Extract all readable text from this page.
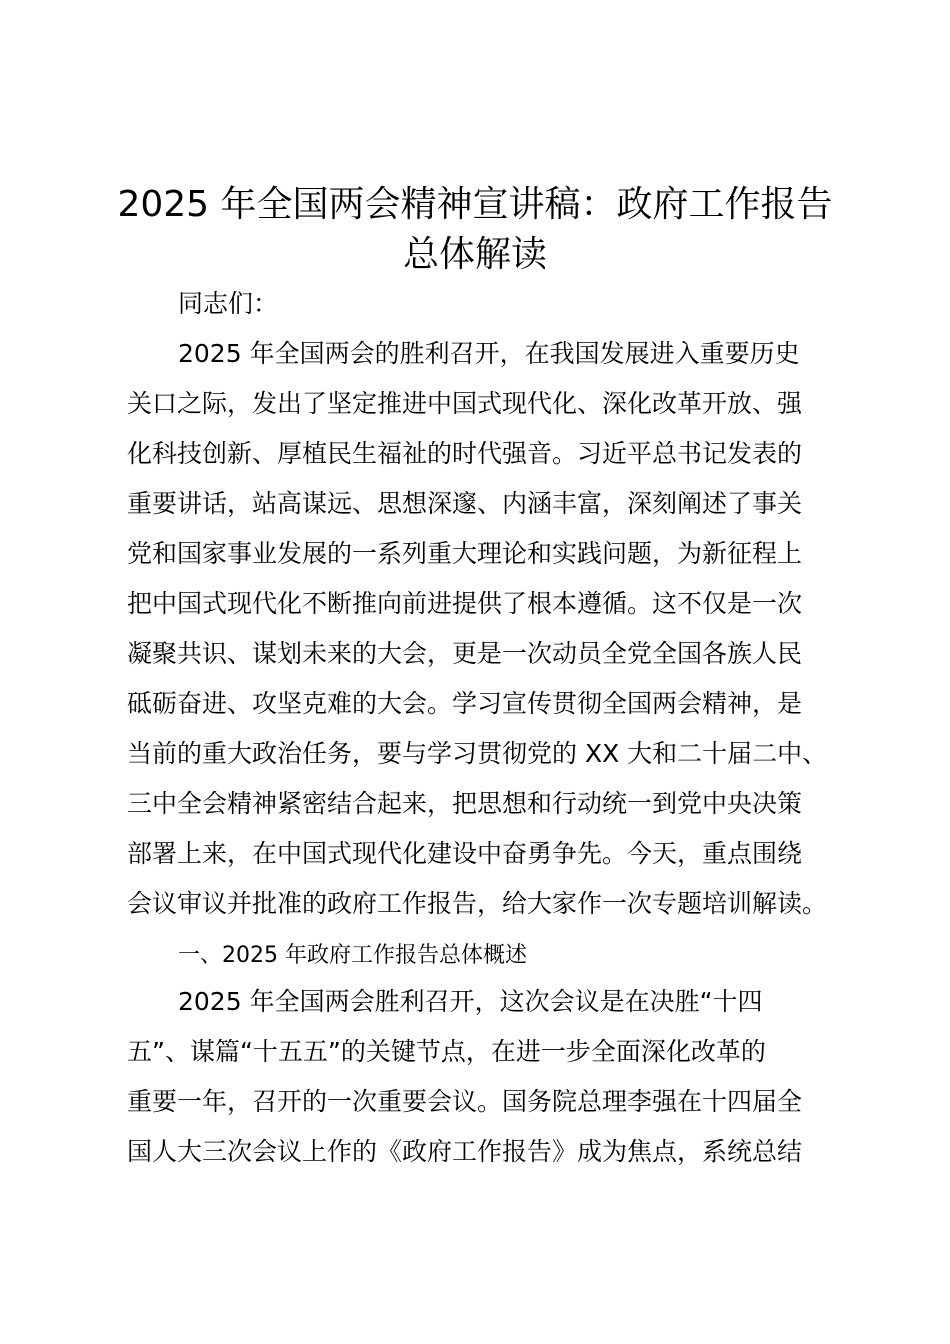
2025 年全国两会精神宣讲稿：政府工作报告
总体解读

同志们：

2025 年全国两会的胜利召开，在我国发展进入重要历史

关口之际，发出了坚定推进中国式现代化、深化改革开放、强

化科技创新、厚植民生福祉的时代强音。习近平总书记发表的

重要讲话，站高谋远、思想深邃、内涵丰富，深刻阐述了事关

党和国家事业发展的一系列重大理论和实践问题，为新征程上

把中国式现代化不断推向前进提供了根本遵循。这不仅是一次

凝聚共识、谋划未来的大会，更是一次动员全党全国各族人民

砥砺奋进、攻坚克难的大会。学习宣传贯彻全国两会精神，是

当前的重大政治任务，要与学习贯彻党的 XX 大和二十届二中、

三中全会精神紧密结合起来，把思想和行动统一到党中央决策

部署上来，在中国式现代化建设中奋勇争先。今天，重点围绕

会议审议并批准的政府工作报告，给大家作一次专题培训解读。

一、2025 年政府工作报告总体概述

2025 年全国两会胜利召开，这次会议是在决胜“十四

五”、谋篇“十五五”的关键节点，在进一步全面深化改革的

重要一年，召开的一次重要会议。国务院总理李强在十四届全

国人大三次会议上作的《政府工作报告》成为焦点，系统总结
